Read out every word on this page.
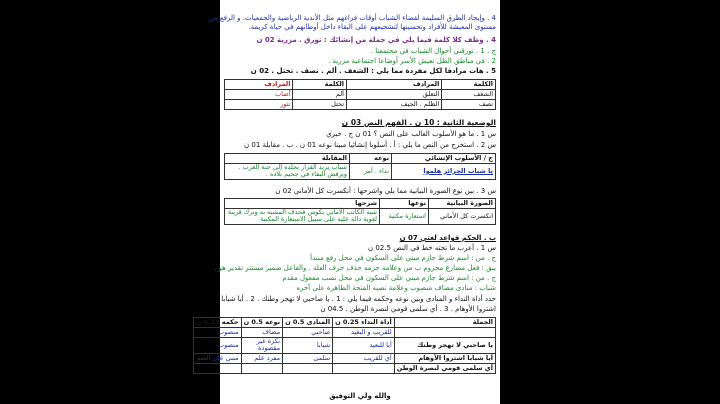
4 . وإيجاد الطرق السليمة لقضاء الشباب أوقات فراغهم مثل الأندية الرياضية والجمعيات. و الرفع من
مستوى المعيشة للأفراد وتحسينها لتشجيعهم على البقاء داخل أوطانهم في حياة كريمة.
4 . وظف كلا كلمة فيما يلي في جملة من إنشائك : تورق . مزرية 02 ن
ج . 1 . تورقني أحوال الشباب في مجتمعنا .
2 . في مناطق الظل تعيش الأسر أوضاعا اجتماعية مزرية .
5 . هات مرادفا لكل مفردة مما يلي : الشغف . ألم . تصف . تختل . 02 ن
الكلمة	المرادف	الكلمة	المرادف
الشغف	التعلق	ألم	أصاب
تصف	الظلم . الجيف	تختل	تثور
الوضعية الثانية : 10 ن . الفهم النص 03 ن
س 1 . ما هو الأسلوب الغالب على النص ؟ 01 ن ج . خبري
س 2 . استخرج من النص ما يلي : أ . أسلوبا إنشائيا مبينا نوعه 01 ن . ب . مقابلة 01 ن
ج / الأسلوب الإنشائي	نوعه	المقابلة
يا شباب الجزائر هلموا	نداء . أمر	شباب يريد الفرار بجلده إلى جنة الغرب . ويرفض البقاء في جحيم بلاده .
س 3 . بين نوع الصورة البيانية مما يلي واشرحها : أنكسرت كل الأماني 02 ن
الصورة البيانية	نوعها	شرحها
انكسرت كل الأماني	استعارة مكنية	شبه الكاتب الأماني بكوس فحذف المشبه به وترك قرينة لغوية دالة عليه على سبيل الاستعارة المكنية
ب . الحكم قواعد لغتي 07 ن
س 1 . أعرب ما تحته خط في النص 02.5 ن
ج . من : اسم شرط جازم مبني على السكون في محل رفع مبتدأ
يبق : فعل مضارع مجزوم ب من وعلامة جزمه حذف حرف العلة . والفاعل ضمير مستتر تقدير هو .
ج . من : اسم شرط جازم مبني على السكون في محل نصب مفعول مقدم
شباب : منادى مضاف منصوب وعلامة نصبه الفتحة الظاهرة على آخره
حدد أداة النداء و المنادى وبين نوعه وحكمه فيما يلي : 1 . يا صاحبي لا تهجر وطنك . 2 . أيا شبابا
اشتروا الأوهام . 3 . أي سلمى قومي لنصرة الوطن . 04.5 ن
الجملة	أداة النداء 0.25 ن	المنادى 0.5 ن	نوعه 0.5 ن	حكمه 0.25 ن
	للقريب و البعيد	صاحبي	مضاف	منصوب
يا صاحبي لا تهجر وطنك	أيا للبعيد	شبابا	نكرة غير مقصودة	منصوب
أيا شبابا اشتروا الأوهام	أي للقريب	سلمى	مفرد علم	مبني على الضم
أي سلمى قومي لنصرة الوطن				
والله ولي التوفيق
